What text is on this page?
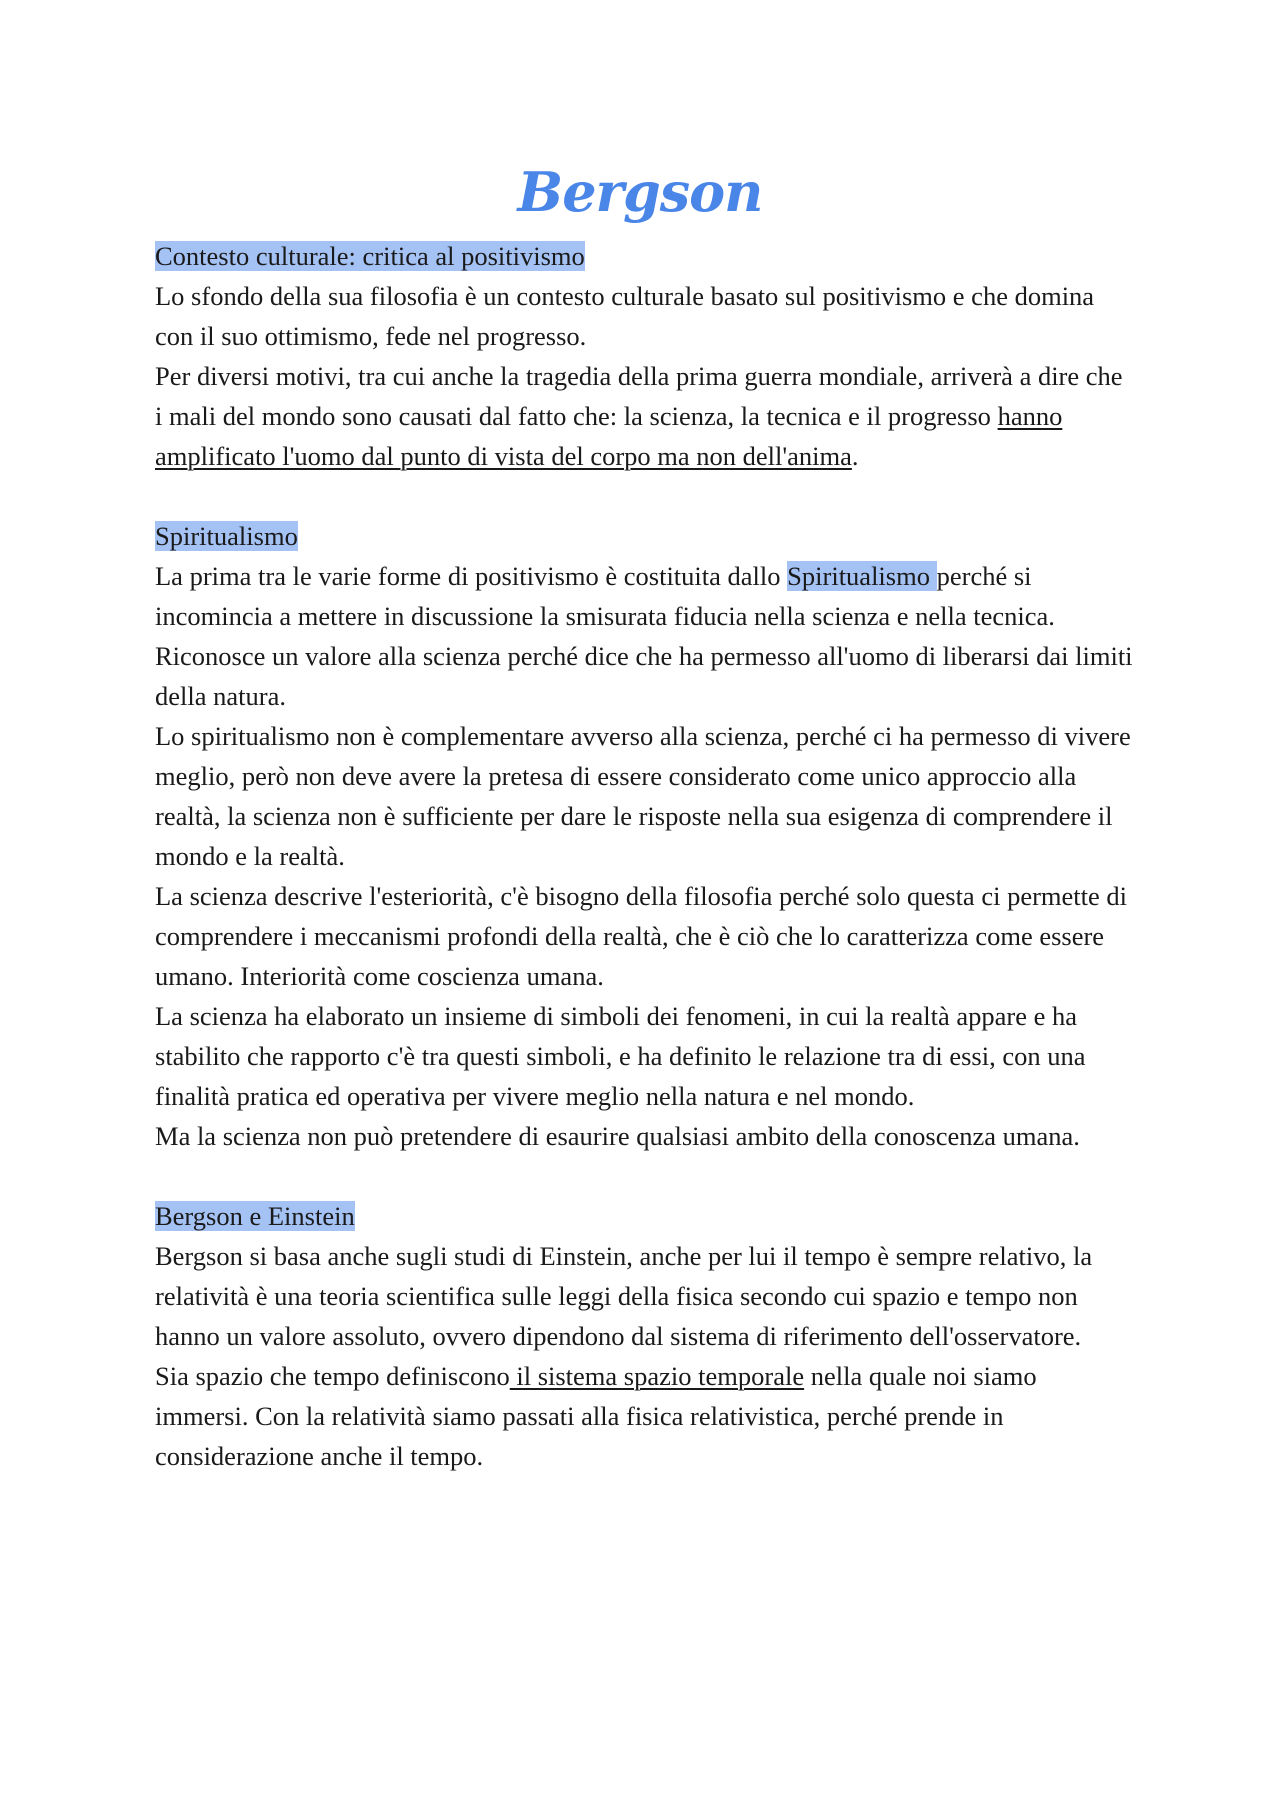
Bergson

Contesto culturale: critica al positivismo

Lo sfondo della sua filosofia è un contesto culturale basato sul positivismo e che domina con il suo ottimismo, fede nel progresso.

Per diversi motivi, tra cui anche la tragedia della prima guerra mondiale, arriverà a dire che i mali del mondo sono causati dal fatto che: la scienza, la tecnica e il progresso hanno amplificato l'uomo dal punto di vista del corpo ma non dell'anima.

Spiritualismo

La prima tra le varie forme di positivismo è costituita dallo Spiritualismo perché si incomincia a mettere in discussione la smisurata fiducia nella scienza e nella tecnica. Riconosce un valore alla scienza perché dice che ha permesso all'uomo di liberarsi dai limiti della natura.

Lo spiritualismo non è complementare avverso alla scienza, perché ci ha permesso di vivere meglio, però non deve avere la pretesa di essere considerato come unico approccio alla realtà, la scienza non è sufficiente per dare le risposte nella sua esigenza di comprendere il mondo e la realtà.

La scienza descrive l'esteriorità, c'è bisogno della filosofia perché solo questa ci permette di comprendere i meccanismi profondi della realtà, che è ciò che lo caratterizza come essere umano. Interiorità come coscienza umana.

La scienza ha elaborato un insieme di simboli dei fenomeni, in cui la realtà appare e ha stabilito che rapporto c'è tra questi simboli, e ha definito le relazione tra di essi, con una finalità pratica ed operativa per vivere meglio nella natura e nel mondo.

Ma la scienza non può pretendere di esaurire qualsiasi ambito della conoscenza umana.

Bergson e Einstein

Bergson si basa anche sugli studi di Einstein, anche per lui il tempo è sempre relativo, la relatività è una teoria scientifica sulle leggi della fisica secondo cui spazio e tempo non hanno un valore assoluto, ovvero dipendono dal sistema di riferimento dell'osservatore.

Sia spazio che tempo definiscono il sistema spazio temporale nella quale noi siamo immersi. Con la relatività siamo passati alla fisica relativistica, perché prende in considerazione anche il tempo.
